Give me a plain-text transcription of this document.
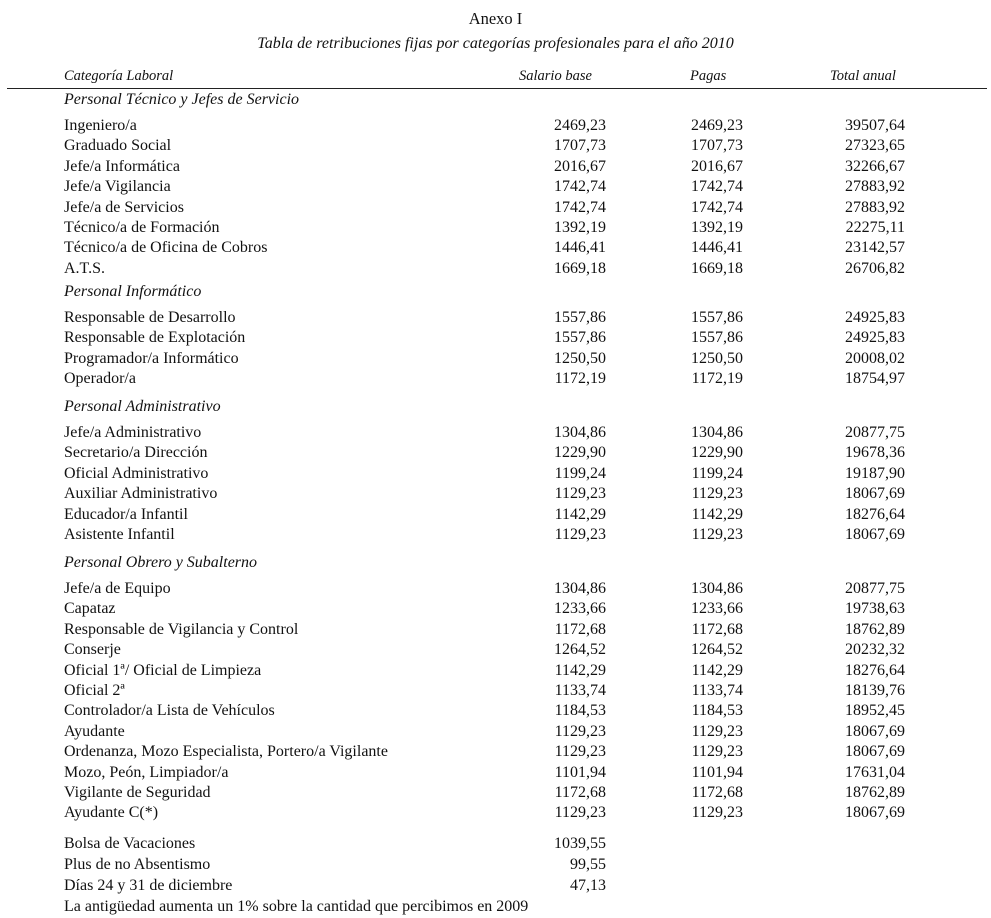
Anexo I
Tabla de retribuciones fijas por categorías profesionales para el año 2010
Categoría Laboral	Salario base	Pagas	Total anual
Personal Técnico y Jefes de Servicio
Ingeniero/a	2469,23	2469,23	39507,64
Graduado Social	1707,73	1707,73	27323,65
Jefe/a Informática	2016,67	2016,67	32266,67
Jefe/a Vigilancia	1742,74	1742,74	27883,92
Jefe/a de Servicios	1742,74	1742,74	27883,92
Técnico/a de Formación	1392,19	1392,19	22275,11
Técnico/a de Oficina de Cobros	1446,41	1446,41	23142,57
A.T.S.	1669,18	1669,18	26706,82
Personal Informático
Responsable de Desarrollo	1557,86	1557,86	24925,83
Responsable de Explotación	1557,86	1557,86	24925,83
Programador/a Informático	1250,50	1250,50	20008,02
Operador/a	1172,19	1172,19	18754,97
Personal Administrativo
Jefe/a Administrativo	1304,86	1304,86	20877,75
Secretario/a Dirección	1229,90	1229,90	19678,36
Oficial Administrativo	1199,24	1199,24	19187,90
Auxiliar Administrativo	1129,23	1129,23	18067,69
Educador/a Infantil	1142,29	1142,29	18276,64
Asistente Infantil	1129,23	1129,23	18067,69
Personal Obrero y Subalterno
Jefe/a de Equipo	1304,86	1304,86	20877,75
Capataz	1233,66	1233,66	19738,63
Responsable de Vigilancia y Control	1172,68	1172,68	18762,89
Conserje	1264,52	1264,52	20232,32
Oficial 1ª/ Oficial de Limpieza	1142,29	1142,29	18276,64
Oficial 2ª	1133,74	1133,74	18139,76
Controlador/a Lista de Vehículos	1184,53	1184,53	18952,45
Ayudante	1129,23	1129,23	18067,69
Ordenanza, Mozo Especialista, Portero/a Vigilante	1129,23	1129,23	18067,69
Mozo, Peón, Limpiador/a	1101,94	1101,94	17631,04
Vigilante de Seguridad	1172,68	1172,68	18762,89
Ayudante C(*)	1129,23	1129,23	18067,69
Bolsa de Vacaciones	1039,55
Plus de no Absentismo	99,55
Días 24 y 31 de diciembre	47,13
La antigüedad aumenta un 1% sobre la cantidad que percibimos en 2009
